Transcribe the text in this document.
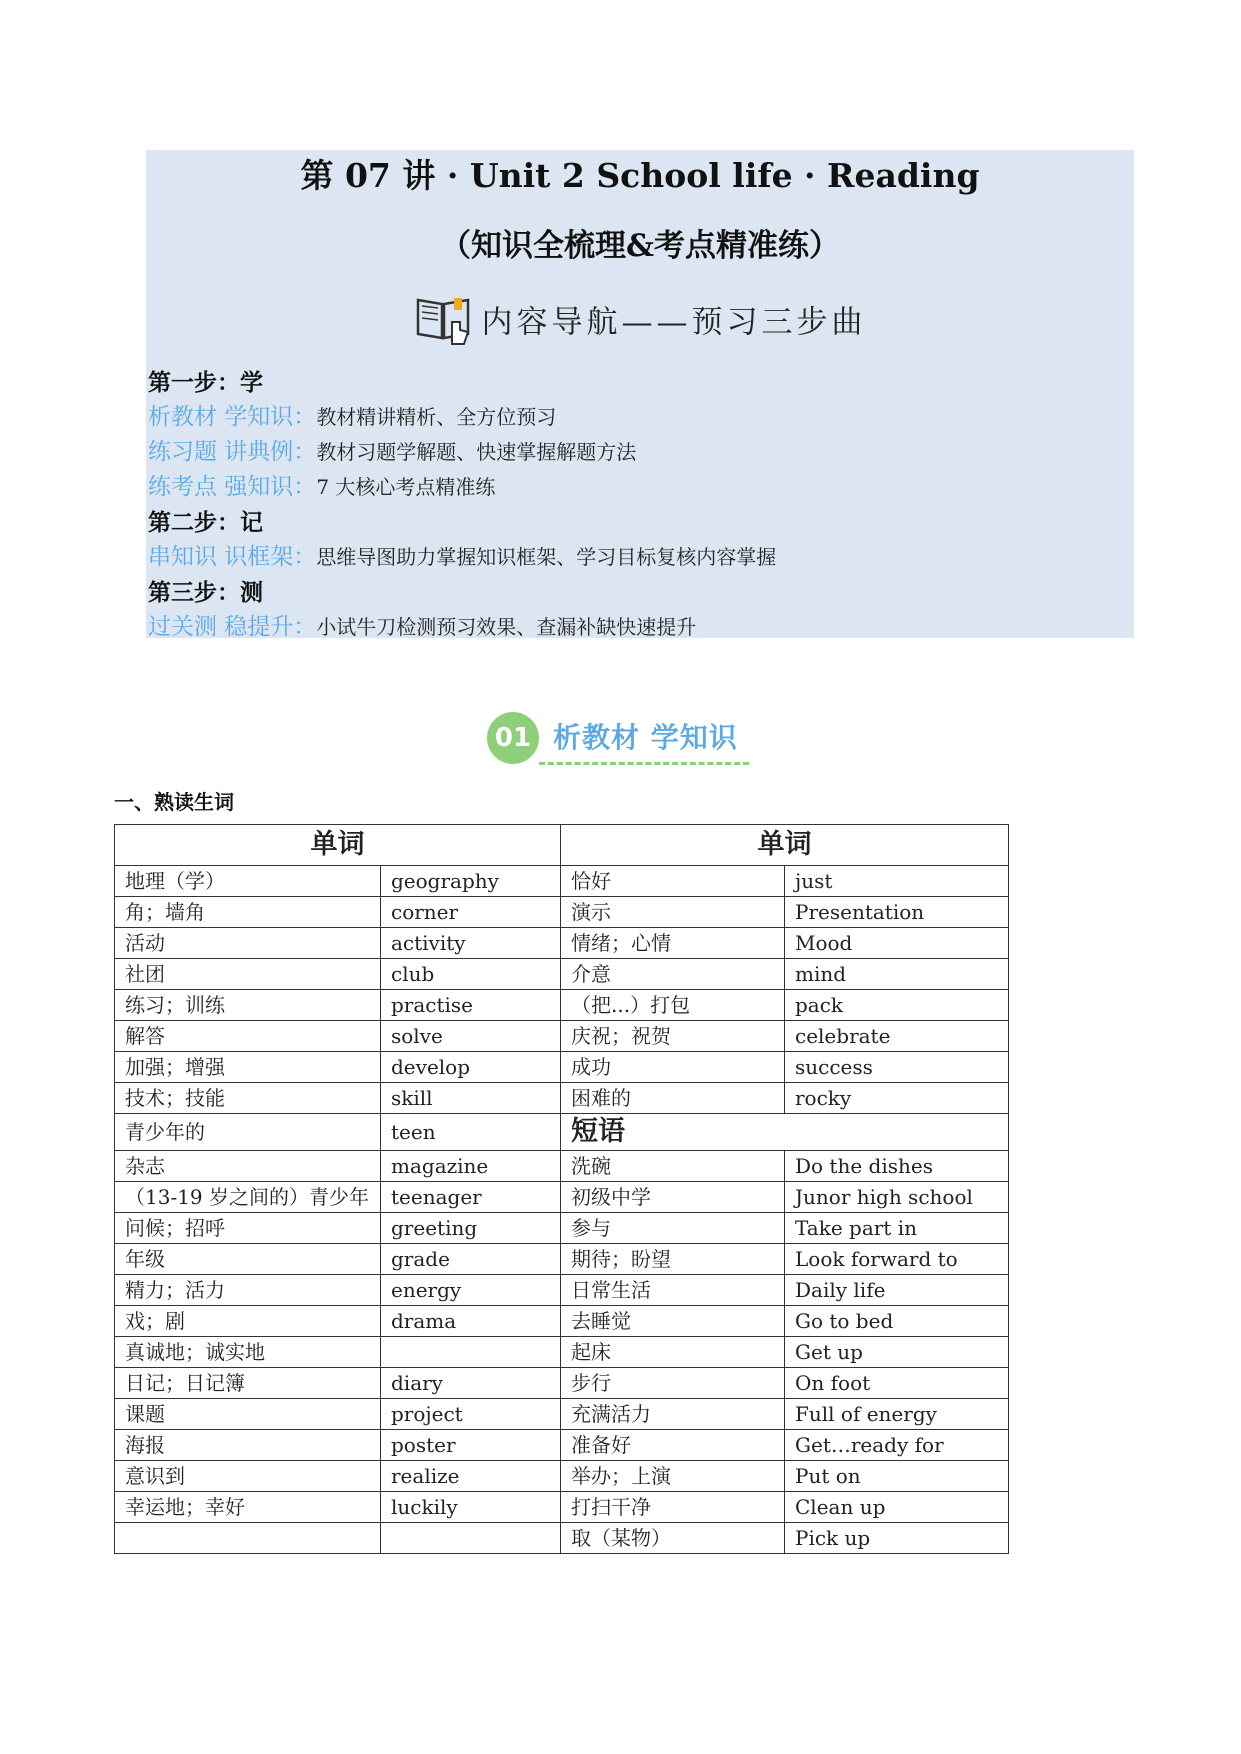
第 07 讲 · Unit 2 School life · Reading
（知识全梳理&考点精准练）
内容导航——预习三步曲
第一步：学
析教材 学知识：教材精讲精析、全方位预习
练习题 讲典例：教材习题学解题、快速掌握解题方法
练考点 强知识：7 大核心考点精准练
第二步：记
串知识 识框架：思维导图助力掌握知识框架、学习目标复核内容掌握
第三步：测
过关测 稳提升：小试牛刀检测预习效果、查漏补缺快速提升
01 析教材 学知识
一、熟读生词
单词		单词	
地理（学）	geography	恰好	just
角；墙角	corner	演示	Presentation
活动	activity	情绪；心情	Mood
社团	club	介意	mind
练习；训练	practise	（把...）打包	pack
解答	solve	庆祝；祝贺	celebrate
加强；增强	develop	成功	success
技术；技能	skill	困难的	rocky
青少年的	teen	短语	
杂志	magazine	洗碗	Do the dishes
（13-19 岁之间的）青少年	teenager	初级中学	Junor high school
问候；招呼	greeting	参与	Take part in
年级	grade	期待；盼望	Look forward to
精力；活力	energy	日常生活	Daily life
戏；剧	drama	去睡觉	Go to bed
真诚地；诚实地		起床	Get up
日记；日记簿	diary	步行	On foot
课题	project	充满活力	Full of energy
海报	poster	准备好	Get…ready for
意识到	realize	举办；上演	Put on
幸运地；幸好	luckily	打扫干净	Clean up
		取（某物）	Pick up
